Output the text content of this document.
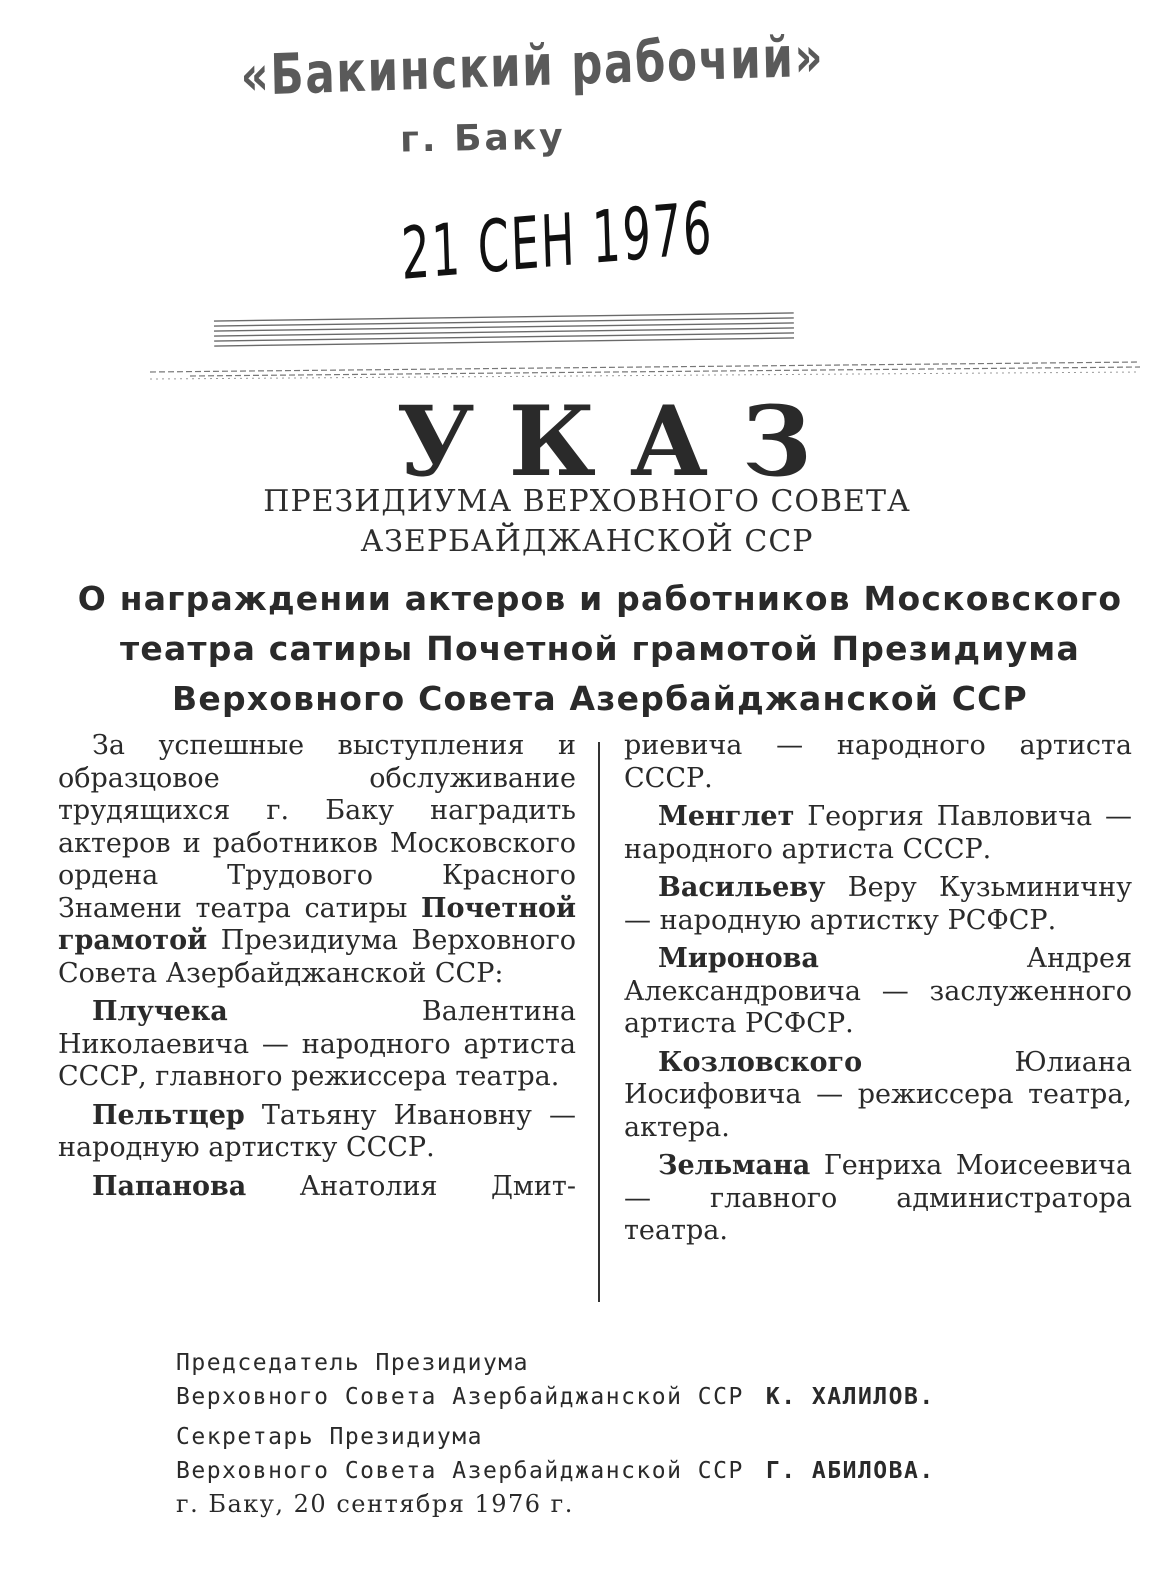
«Бакинский рабочий»
г. Баку
21 СЕН 1976
УКАЗ
ПРЕЗИДИУМА ВЕРХОВНОГО СОВЕТА
АЗЕРБАЙДЖАНСКОЙ ССР
О награждении актеров и работников Московского театра сатиры Почетной грамотой Президиума Верховного Совета Азербайджанской ССР

За успешные выступления и образцовое обслуживание трудящихся г. Баку наградить актеров и работников Московского ордена Трудового Красного Знамени театра сатиры Почетной грамотой Президиума Верховного Совета Азербайджанской ССР:

Плучека Валентина Николаевича — народного артиста СССР, главного режиссера театра.

Пельтцер Татьяну Ивановну — народную артистку СССР.

Папанова Анатолия Дмит-

риевича — народного артиста СССР.

Менглет Георгия Павловича — народного артиста СССР.

Васильеву Веру Кузьминичну — народную артистку РСФСР.

Миронова Андрея Александровича — заслуженного артиста РСФСР.

Козловского Юлиана Иосифовича — режиссера театра, актера.

Зельмана Генриха Моисеевича — главного администратора театра.

Председатель Президиума
Верховного Совета Азербайджанской ССР К. ХАЛИЛОВ.
Секретарь Президиума
Верховного Совета Азербайджанской ССР Г. АБИЛОВА.
г. Баку, 20 сентября 1976 г.
